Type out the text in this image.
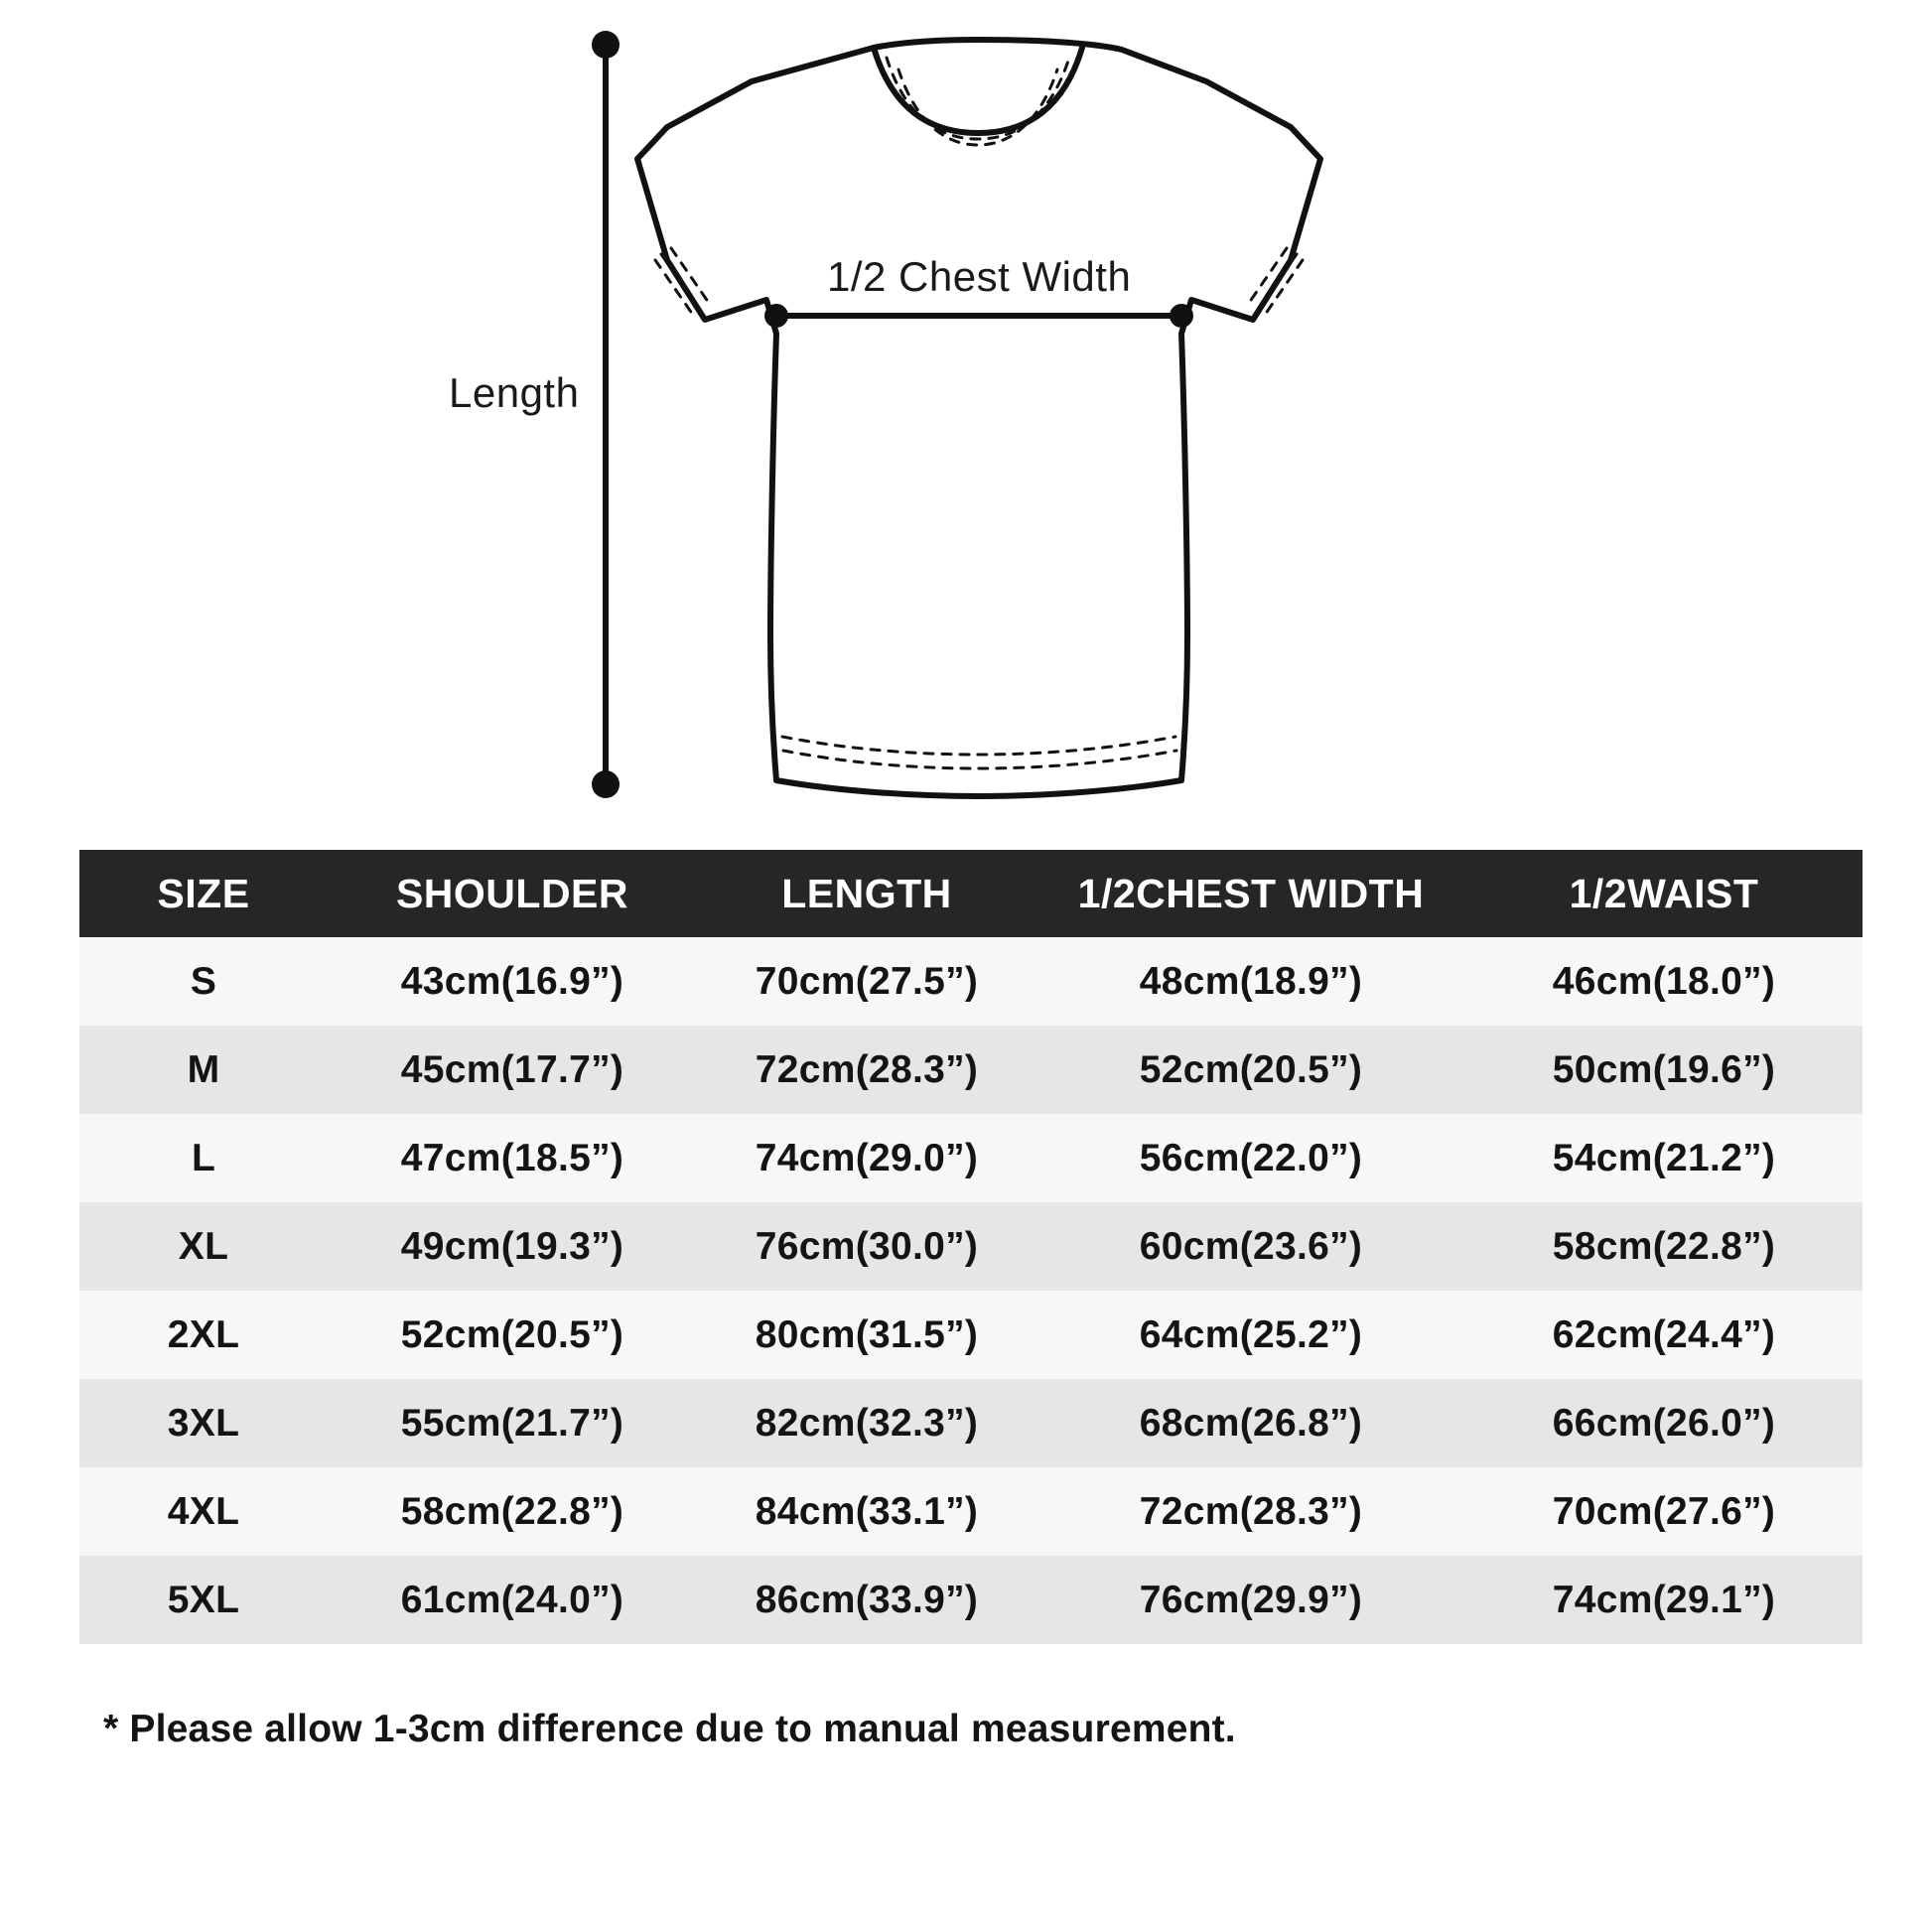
Length
1/2 Chest Width
SIZE	SHOULDER	LENGTH	1/2CHEST WIDTH	1/2WAIST
S	43cm(16.9”)	70cm(27.5”)	48cm(18.9”)	46cm(18.0”)
M	45cm(17.7”)	72cm(28.3”)	52cm(20.5”)	50cm(19.6”)
L	47cm(18.5”)	74cm(29.0”)	56cm(22.0”)	54cm(21.2”)
XL	49cm(19.3”)	76cm(30.0”)	60cm(23.6”)	58cm(22.8”)
2XL	52cm(20.5”)	80cm(31.5”)	64cm(25.2”)	62cm(24.4”)
3XL	55cm(21.7”)	82cm(32.3”)	68cm(26.8”)	66cm(26.0”)
4XL	58cm(22.8”)	84cm(33.1”)	72cm(28.3”)	70cm(27.6”)
5XL	61cm(24.0”)	86cm(33.9”)	76cm(29.9”)	74cm(29.1”)
* Please allow 1-3cm difference due to manual measurement.
